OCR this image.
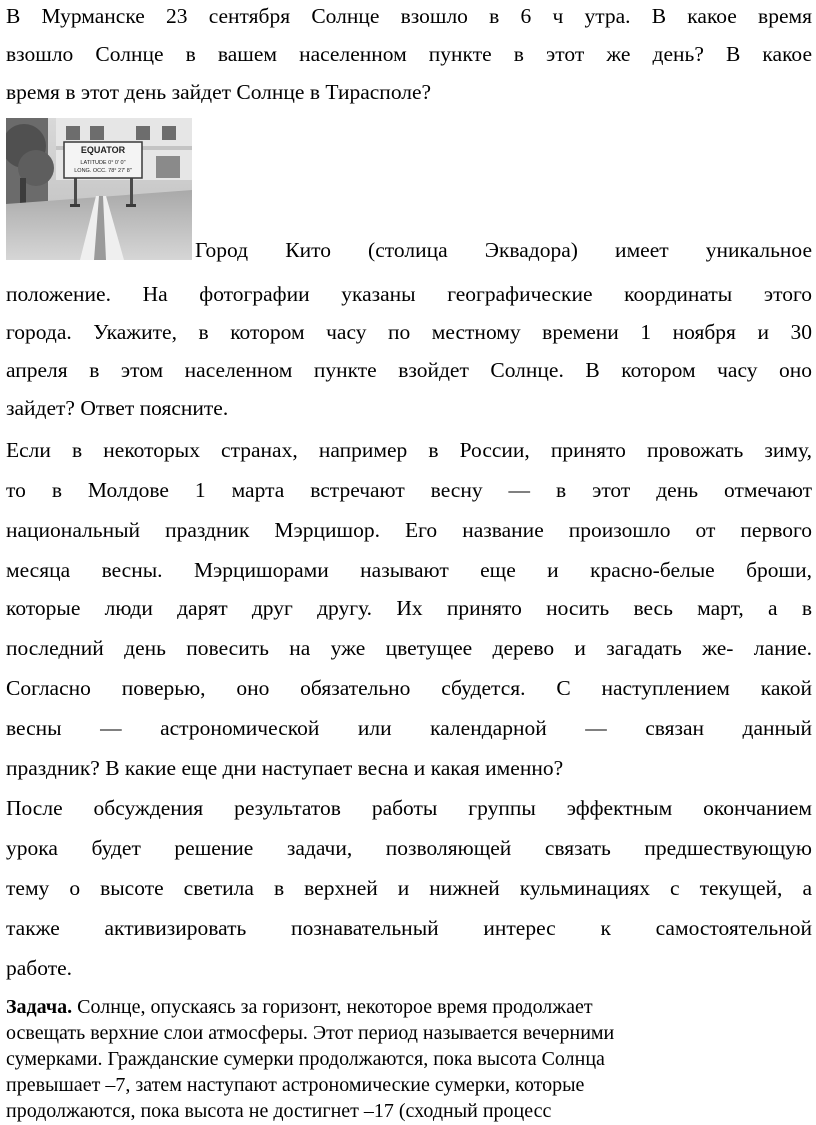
В Мурманске 23 сентября Солнце взошло в 6 ч утра. В какое время
взошло Солнце в вашем населенном пункте в этот же день? В какое
время в этот день зайдет Солнце в Тирасполе?
EQUATOR
LATITUDE 0° 0' 0"
LONG. OCC. 78° 27' 8"
Город Кито (столица Эквадора) имеет уникальное
положение. На фотографии указаны географические координаты этого
города. Укажите, в котором часу по местному времени 1 ноября и 30
апреля в этом населенном пункте взойдет Солнце. В котором часу оно
зайдет? Ответ поясните.
Если в некоторых странах, например в России, принято провожать зиму,
то в Молдове 1 марта встречают весну — в этот день отмечают
национальный праздник Мэрцишор. Его название произошло от первого
месяца весны. Мэрцишорами называют еще и красно-белые броши,
которые люди дарят друг другу. Их принято носить весь март, а в
последний день повесить на уже цветущее дерево и загадать же- лание.
Согласно поверью, оно обязательно сбудется. С наступлением какой
весны — астрономической или календарной — связан данный
праздник? В какие еще дни наступает весна и какая именно?
После обсуждения результатов работы группы эффектным окончанием
урока будет решение задачи, позволяющей связать предшествующую
тему о высоте светила в верхней и нижней кульминациях с текущей, а
также активизировать познавательный интерес к самостоятельной
работе.
Задача. Солнце, опускаясь за горизонт, некоторое время продолжает
освещать верхние слои атмосферы. Этот период называется вечерними
сумерками. Гражданские сумерки продолжаются, пока высота Солнца
превышает –7, затем наступают астрономические сумерки, которые
продолжаются, пока высота не достигнет –17 (сходный процесс
